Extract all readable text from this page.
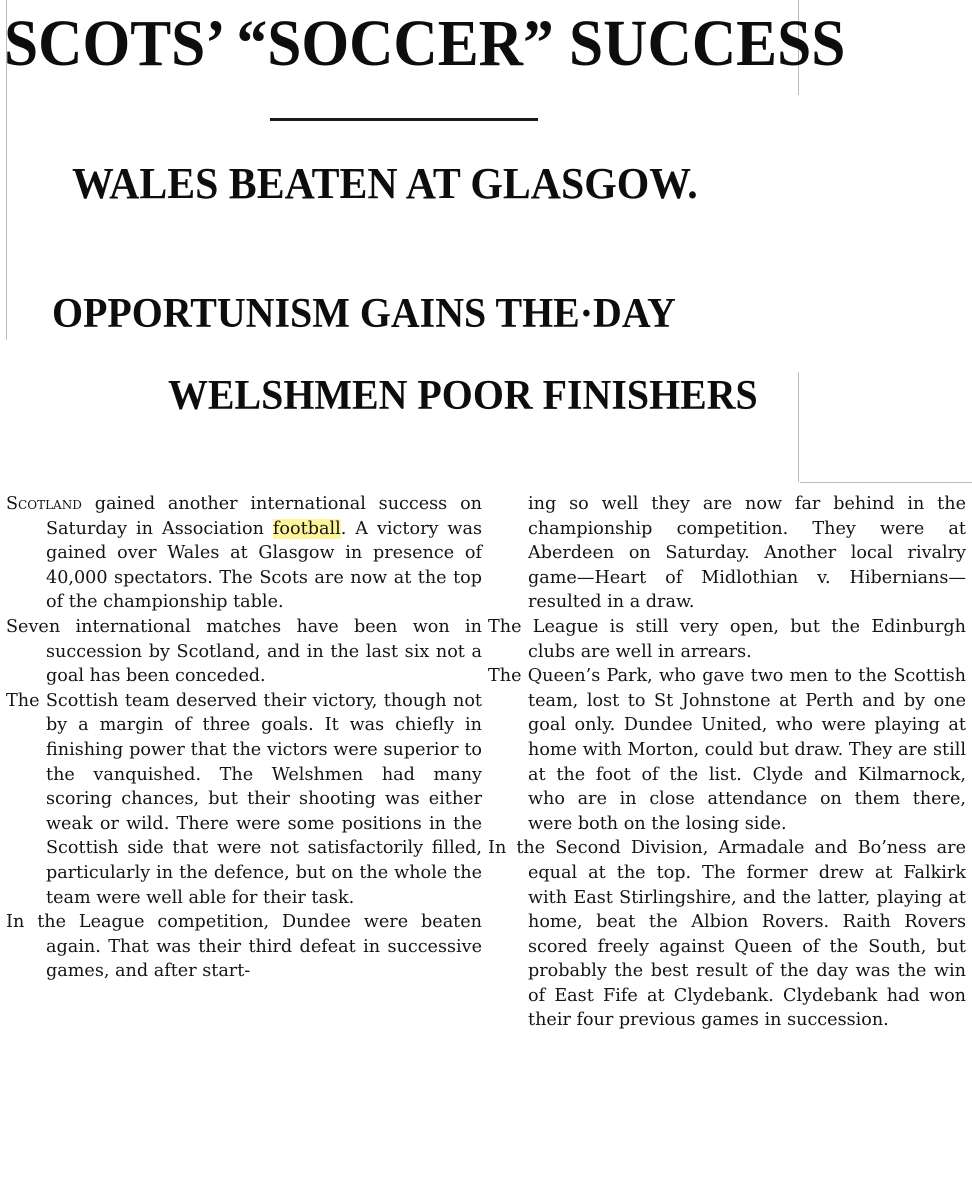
SCOTS’ “SOCCER” SUCCESS
WALES BEATEN AT GLASGOW.
OPPORTUNISM GAINS THE·DAY
WELSHMEN POOR FINISHERS

Scotland gained another international success on Saturday in Association football. A victory was gained over Wales at Glasgow in presence of 40,000 spectators. The Scots are now at the top of the championship table.

Seven international matches have been won in succession by Scotland, and in the last six not a goal has been conceded.

The Scottish team deserved their victory, though not by a margin of three goals. It was chiefly in finishing power that the victors were superior to the vanquished. The Welshmen had many scoring chances, but their shooting was either weak or wild. There were some positions in the Scottish side that were not satisfactorily filled, particularly in the defence, but on the whole the team were well able for their task.

In the League competition, Dundee were beaten again. That was their third defeat in successive games, and after start-

ing so well they are now far behind in the championship competition. They were at Aberdeen on Saturday. Another local rivalry game—Heart of Midlothian v. Hibernians—resulted in a draw.

The League is still very open, but the Edinburgh clubs are well in arrears.

The Queen’s Park, who gave two men to the Scottish team, lost to St Johnstone at Perth and by one goal only. Dundee United, who were playing at home with Morton, could but draw. They are still at the foot of the list. Clyde and Kilmarnock, who are in close attendance on them there, were both on the losing side.

In the Second Division, Armadale and Bo’ness are equal at the top. The former drew at Falkirk with East Stirlingshire, and the latter, playing at home, beat the Albion Rovers. Raith Rovers scored freely against Queen of the South, but probably the best result of the day was the win of East Fife at Clydebank. Clydebank had won their four previous games in succession.
